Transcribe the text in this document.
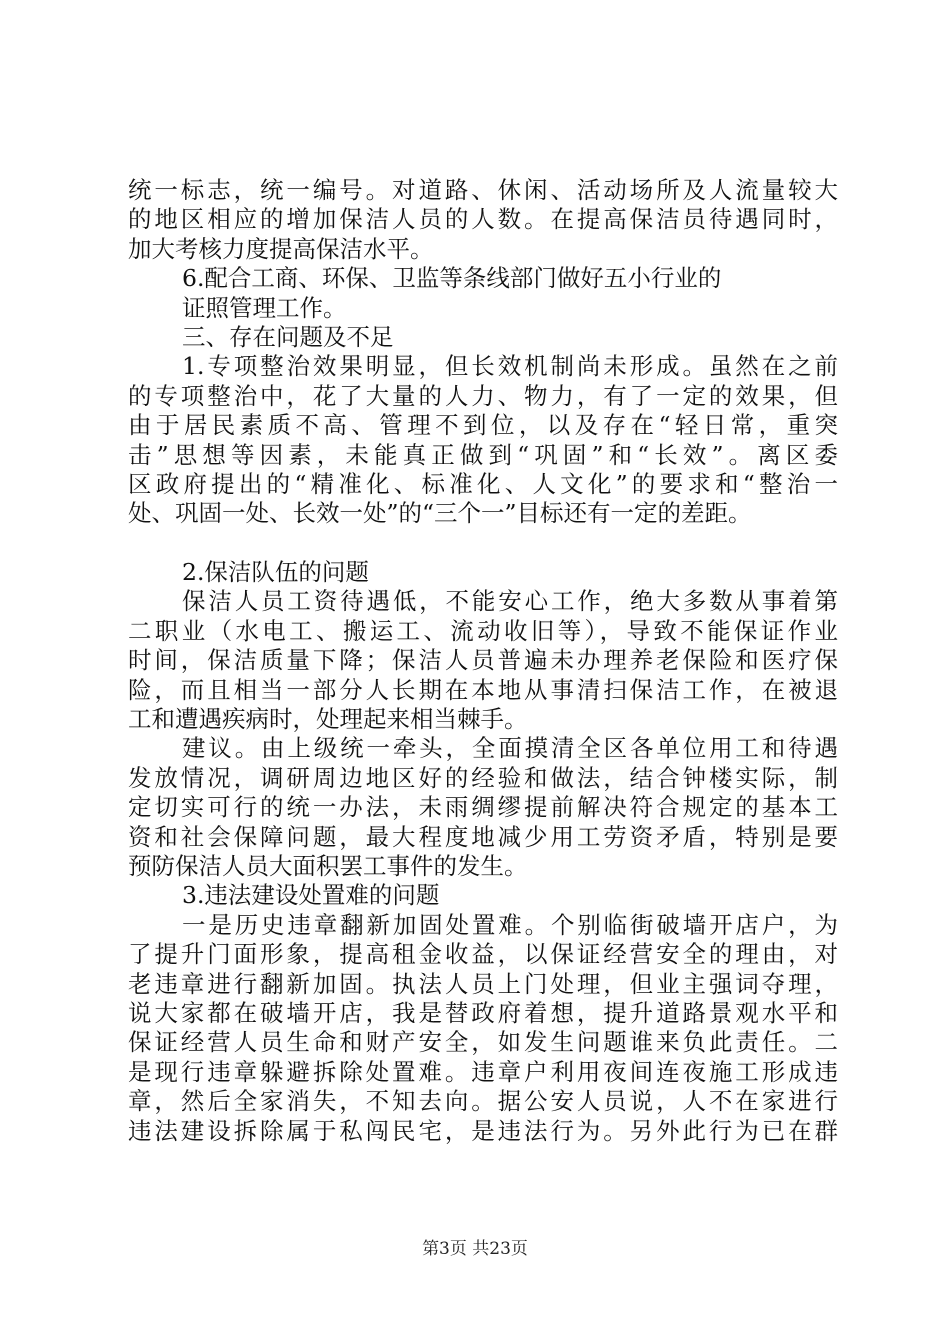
统一标志，统一编号。对道路、休闲、活动场所及人流量较大
的地区相应的增加保洁人员的人数。在提高保洁员待遇同时，
加大考核力度提高保洁水平。
6.配合工商、环保、卫监等条线部门做好五小行业的
证照管理工作。
三、存在问题及不足
1.专项整治效果明显，但长效机制尚未形成。虽然在之前
的专项整治中，花了大量的人力、物力，有了一定的效果，但
由于居民素质不高、管理不到位，以及存在“轻日常，重突
击”思想等因素，未能真正做到“巩固”和“长效”。离区委
区政府提出的“精准化、标准化、人文化”的要求和“整治一
处、巩固一处、长效一处”的“三个一”目标还有一定的差距。
2.保洁队伍的问题
保洁人员工资待遇低，不能安心工作，绝大多数从事着第
二职业（水电工、搬运工、流动收旧等），导致不能保证作业
时间，保洁质量下降；保洁人员普遍未办理养老保险和医疗保
险，而且相当一部分人长期在本地从事清扫保洁工作，在被退
工和遭遇疾病时，处理起来相当棘手。
建议。由上级统一牵头，全面摸清全区各单位用工和待遇
发放情况，调研周边地区好的经验和做法，结合钟楼实际，制
定切实可行的统一办法，未雨绸缪提前解决符合规定的基本工
资和社会保障问题，最大程度地减少用工劳资矛盾，特别是要
预防保洁人员大面积罢工事件的发生。
3.违法建设处置难的问题
一是历史违章翻新加固处置难。个别临街破墙开店户，为
了提升门面形象，提高租金收益，以保证经营安全的理由，对
老违章进行翻新加固。执法人员上门处理，但业主强词夺理，
说大家都在破墙开店，我是替政府着想，提升道路景观水平和
保证经营人员生命和财产安全，如发生问题谁来负此责任。二
是现行违章躲避拆除处置难。违章户利用夜间连夜施工形成违
章，然后全家消失，不知去向。据公安人员说，人不在家进行
违法建设拆除属于私闯民宅，是违法行为。另外此行为已在群
第3页 共23页
